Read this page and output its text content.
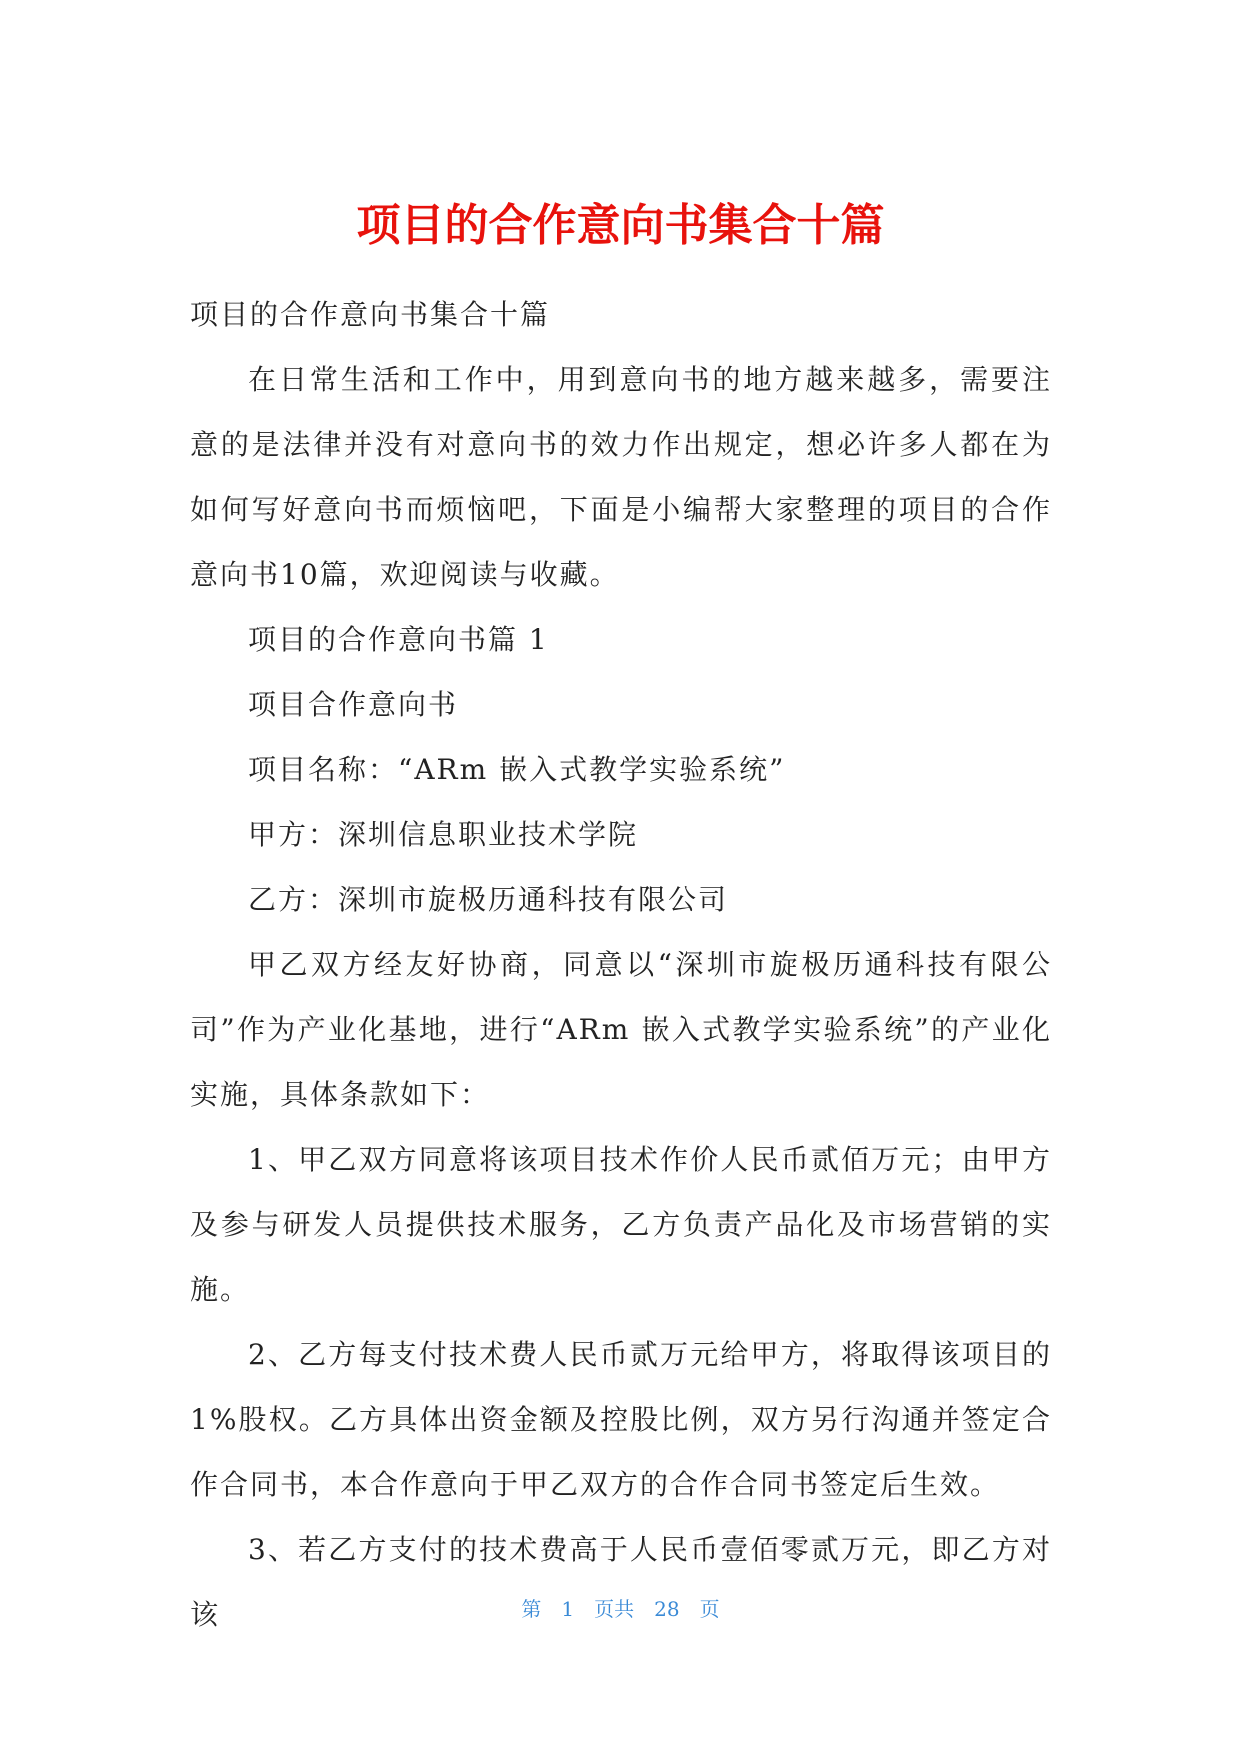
项目的合作意向书集合十篇

项目的合作意向书集合十篇

在日常生活和工作中，用到意向书的地方越来越多，需要注意的是法律并没有对意向书的效力作出规定，想必许多人都在为如何写好意向书而烦恼吧，下面是小编帮大家整理的项目的合作意向书10篇，欢迎阅读与收藏。

项目的合作意向书篇 1

项目合作意向书

项目名称：“ARm 嵌入式教学实验系统”

甲方：深圳信息职业技术学院

乙方：深圳市旋极历通科技有限公司

甲乙双方经友好协商，同意以“深圳市旋极历通科技有限公司”作为产业化基地，进行“ARm 嵌入式教学实验系统”的产业化实施，具体条款如下：

1、甲乙双方同意将该项目技术作价人民币贰佰万元；由甲方及参与研发人员提供技术服务，乙方负责产品化及市场营销的实施。

2、乙方每支付技术费人民币贰万元给甲方，将取得该项目的1%股权。乙方具体出资金额及控股比例，双方另行沟通并签定合作合同书，本合作意向于甲乙双方的合作合同书签定后生效。

3、若乙方支付的技术费高于人民币壹佰零贰万元，即乙方对该	第 1 页共 28 页
